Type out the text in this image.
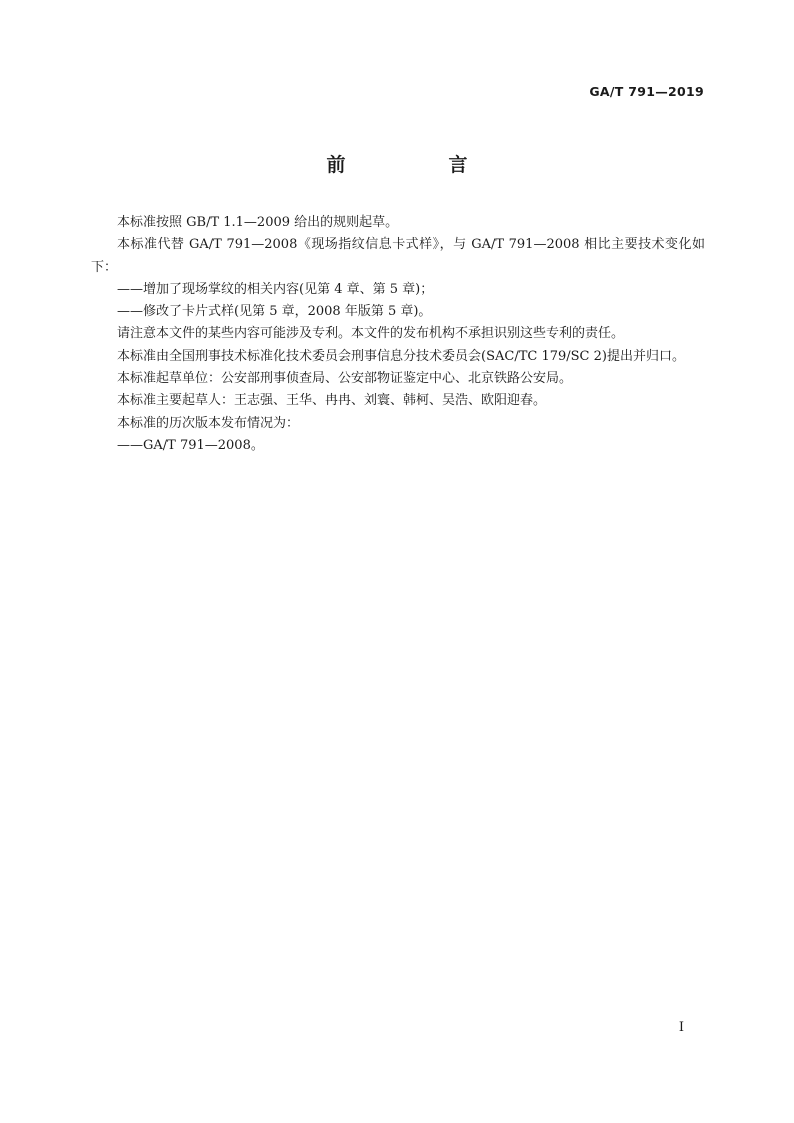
GA/T 791—2019
前　言

本标准按照 GB/T 1.1—2009 给出的规则起草。

本标准代替 GA/T 791—2008《现场指纹信息卡式样》，与 GA/T 791—2008 相比主要技术变化如下：

——增加了现场掌纹的相关内容(见第 4 章、第 5 章)；

——修改了卡片式样(见第 5 章，2008 年版第 5 章)。

请注意本文件的某些内容可能涉及专利。本文件的发布机构不承担识别这些专利的责任。

本标准由全国刑事技术标准化技术委员会刑事信息分技术委员会(SAC/TC 179/SC 2)提出并归口。

本标准起草单位：公安部刑事侦查局、公安部物证鉴定中心、北京铁路公安局。

本标准主要起草人：王志强、王华、冉冉、刘寰、韩柯、吴浩、欧阳迎春。

本标准的历次版本发布情况为：

——GA/T 791—2008。

I
